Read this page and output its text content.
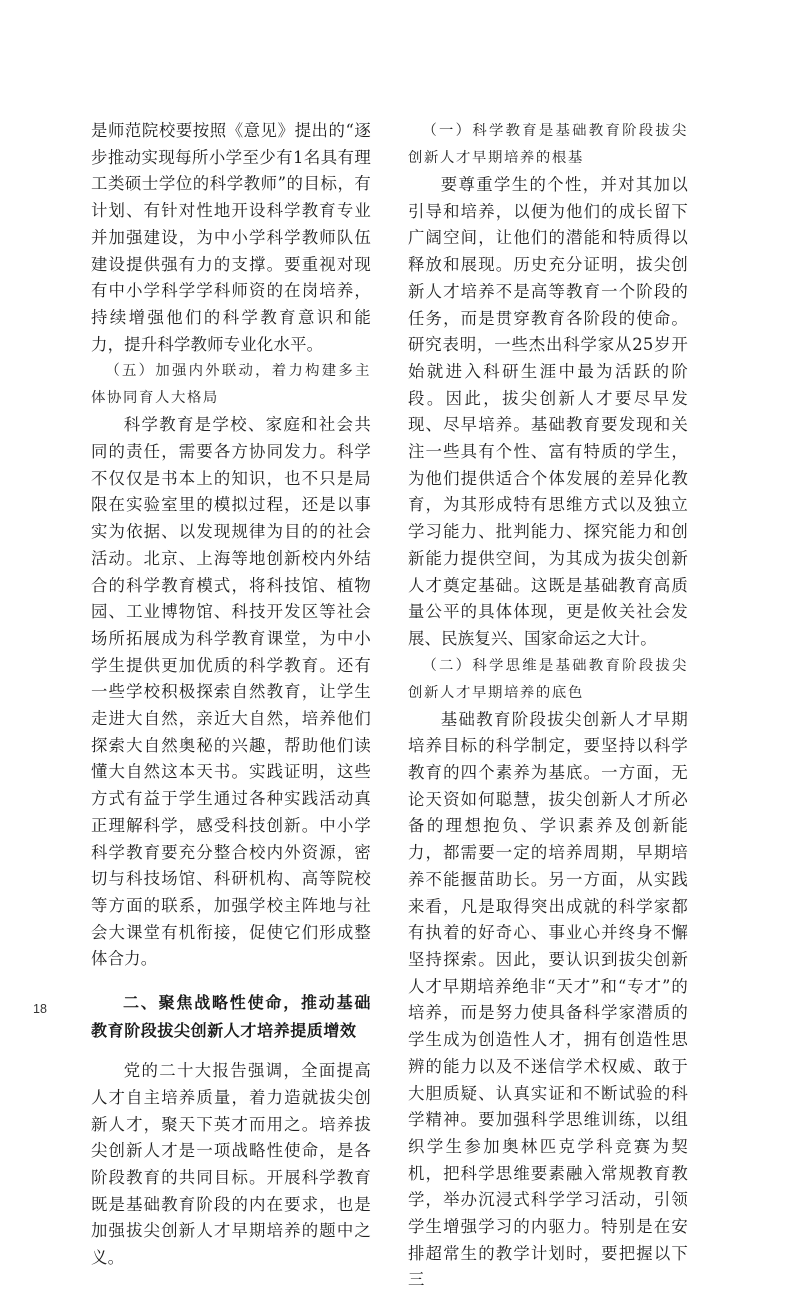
是师范院校要按照《意见》提出的“逐步推动实现每所小学至少有1名具有理工类硕士学位的科学教师”的目标，有计划、有针对性地开设科学教育专业并加强建设，为中小学科学教师队伍建设提供强有力的支撑。要重视对现有中小学科学学科师资的在岗培养，持续增强他们的科学教育意识和能力，提升科学教师专业化水平。

（五）加强内外联动，着力构建多主体协同育人大格局

科学教育是学校、家庭和社会共同的责任，需要各方协同发力。科学不仅仅是书本上的知识，也不只是局限在实验室里的模拟过程，还是以事实为依据、以发现规律为目的的社会活动。北京、上海等地创新校内外结合的科学教育模式，将科技馆、植物园、工业博物馆、科技开发区等社会场所拓展成为科学教育课堂，为中小学生提供更加优质的科学教育。还有一些学校积极探索自然教育，让学生走进大自然，亲近大自然，培养他们探索大自然奥秘的兴趣，帮助他们读懂大自然这本天书。实践证明，这些方式有益于学生通过各种实践活动真正理解科学，感受科技创新。中小学科学教育要充分整合校内外资源，密切与科技场馆、科研机构、高等院校等方面的联系，加强学校主阵地与社会大课堂有机衔接，促使它们形成整体合力。

二、聚焦战略性使命，推动基础教育阶段拔尖创新人才培养提质增效

党的二十大报告强调，全面提高人才自主培养质量，着力造就拔尖创新人才，聚天下英才而用之。培养拔尖创新人才是一项战略性使命，是各阶段教育的共同目标。开展科学教育既是基础教育阶段的内在要求，也是加强拔尖创新人才早期培养的题中之义。

（一）科学教育是基础教育阶段拔尖创新人才早期培养的根基

要尊重学生的个性，并对其加以引导和培养，以便为他们的成长留下广阔空间，让他们的潜能和特质得以释放和展现。历史充分证明，拔尖创新人才培养不是高等教育一个阶段的任务，而是贯穿教育各阶段的使命。研究表明，一些杰出科学家从25岁开始就进入科研生涯中最为活跃的阶段。因此，拔尖创新人才要尽早发现、尽早培养。基础教育要发现和关注一些具有个性、富有特质的学生，为他们提供适合个体发展的差异化教育，为其形成特有思维方式以及独立学习能力、批判能力、探究能力和创新能力提供空间，为其成为拔尖创新人才奠定基础。这既是基础教育高质量公平的具体体现，更是攸关社会发展、民族复兴、国家命运之大计。

（二）科学思维是基础教育阶段拔尖创新人才早期培养的底色

基础教育阶段拔尖创新人才早期培养目标的科学制定，要坚持以科学教育的四个素养为基底。一方面，无论天资如何聪慧，拔尖创新人才所必备的理想抱负、学识素养及创新能力，都需要一定的培养周期，早期培养不能揠苗助长。另一方面，从实践来看，凡是取得突出成就的科学家都有执着的好奇心、事业心并终身不懈坚持探索。因此，要认识到拔尖创新人才早期培养绝非“天才”和“专才”的培养，而是努力使具备科学家潜质的学生成为创造性人才，拥有创造性思辨的能力以及不迷信学术权威、敢于大胆质疑、认真实证和不断试验的科学精神。要加强科学思维训练，以组织学生参加奥林匹克学科竞赛为契机，把科学思维要素融入常规教育教学，举办沉浸式科学学习活动，引领学生增强学习的内驱力。特别是在安排超常生的教学计划时，要把握以下三

18
